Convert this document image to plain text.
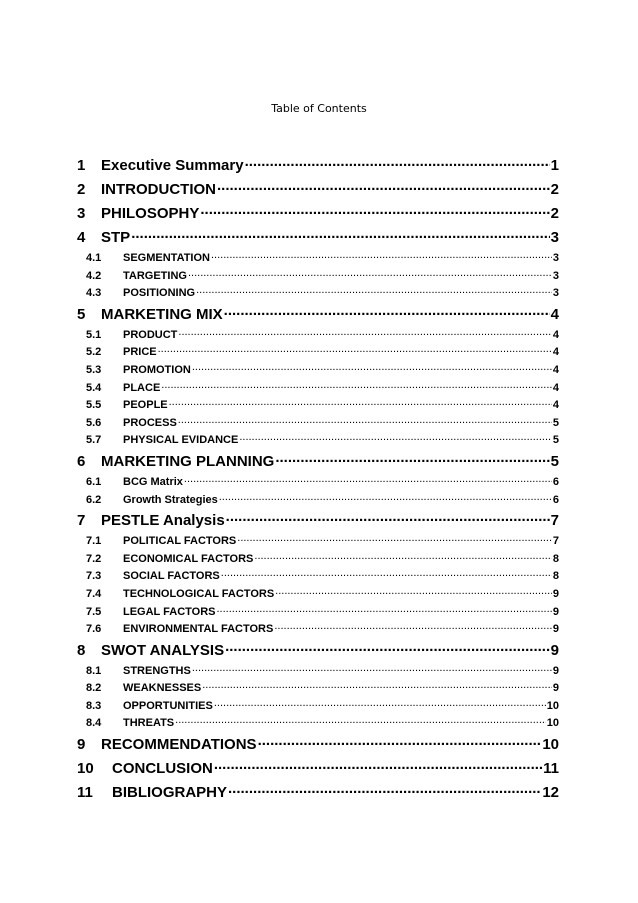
Table of Contents
1	Executive Summary .....	1
2	INTRODUCTION .....	2
3	PHILOSOPHY .....	2
4	STP .....	3
4.1	SEGMENTATION .....	3
4.2	TARGETING .....	3
4.3	POSITIONING .....	3
5	MARKETING MIX .....	4
5.1	PRODUCT .....	4
5.2	PRICE .....	4
5.3	PROMOTION .....	4
5.4	PLACE .....	4
5.5	PEOPLE .....	4
5.6	PROCESS .....	5
5.7	PHYSICAL EVIDANCE .....	5
6	MARKETING PLANNING .....	5
6.1	BCG Matrix .....	6
6.2	Growth Strategies .....	6
7	PESTLE Analysis .....	7
7.1	POLITICAL FACTORS .....	7
7.2	ECONOMICAL FACTORS .....	8
7.3	SOCIAL FACTORS .....	8
7.4	TECHNOLOGICAL FACTORS .....	9
7.5	LEGAL FACTORS .....	9
7.6	ENVIRONMENTAL FACTORS .....	9
8	SWOT ANALYSIS .....	9
8.1	STRENGTHS .....	9
8.2	WEAKNESSES .....	9
8.3	OPPORTUNITIES .....	10
8.4	THREATS .....	10
9	RECOMMENDATIONS .....	10
10	CONCLUSION .....	11
11	BIBLIOGRAPHY .....	12
